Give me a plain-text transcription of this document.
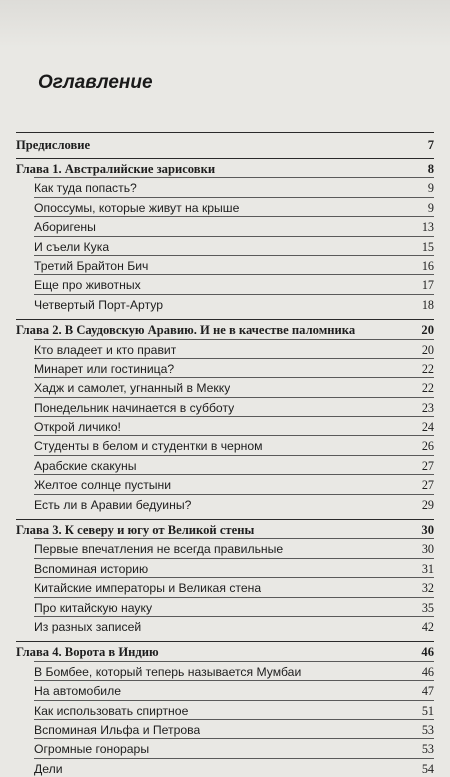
Оглавление
Предисловие	7
Глава 1. Австралийские зарисовки	8
Как туда попасть?	9
Опоссумы, которые живут на крыше	9
Аборигены	13
И съели Кука	15
Третий Брайтон Бич	16
Еще про животных	17
Четвертый Порт-Артур	18
Глава 2. В Саудовскую Аравию. И не в качестве паломника	20
Кто владеет и кто правит	20
Минарет или гостиница?	22
Хадж и самолет, угнанный в Мекку	22
Понедельник начинается в субботу	23
Открой личико!	24
Студенты в белом и студентки в черном	26
Арабские скакуны	27
Желтое солнце пустыни	27
Есть ли в Аравии бедуины?	29
Глава 3. К северу и югу от Великой стены	30
Первые впечатления не всегда правильные	30
Вспоминая историю	31
Китайские императоры и Великая стена	32
Про китайскую науку	35
Из разных записей	42
Глава 4. Ворота в Индию	46
В Бомбее, который теперь называется Мумбаи	46
На автомобиле	47
Как использовать спиртное	51
Вспоминая Ильфа и Петрова	53
Огромные гонорары	53
Дели	54
